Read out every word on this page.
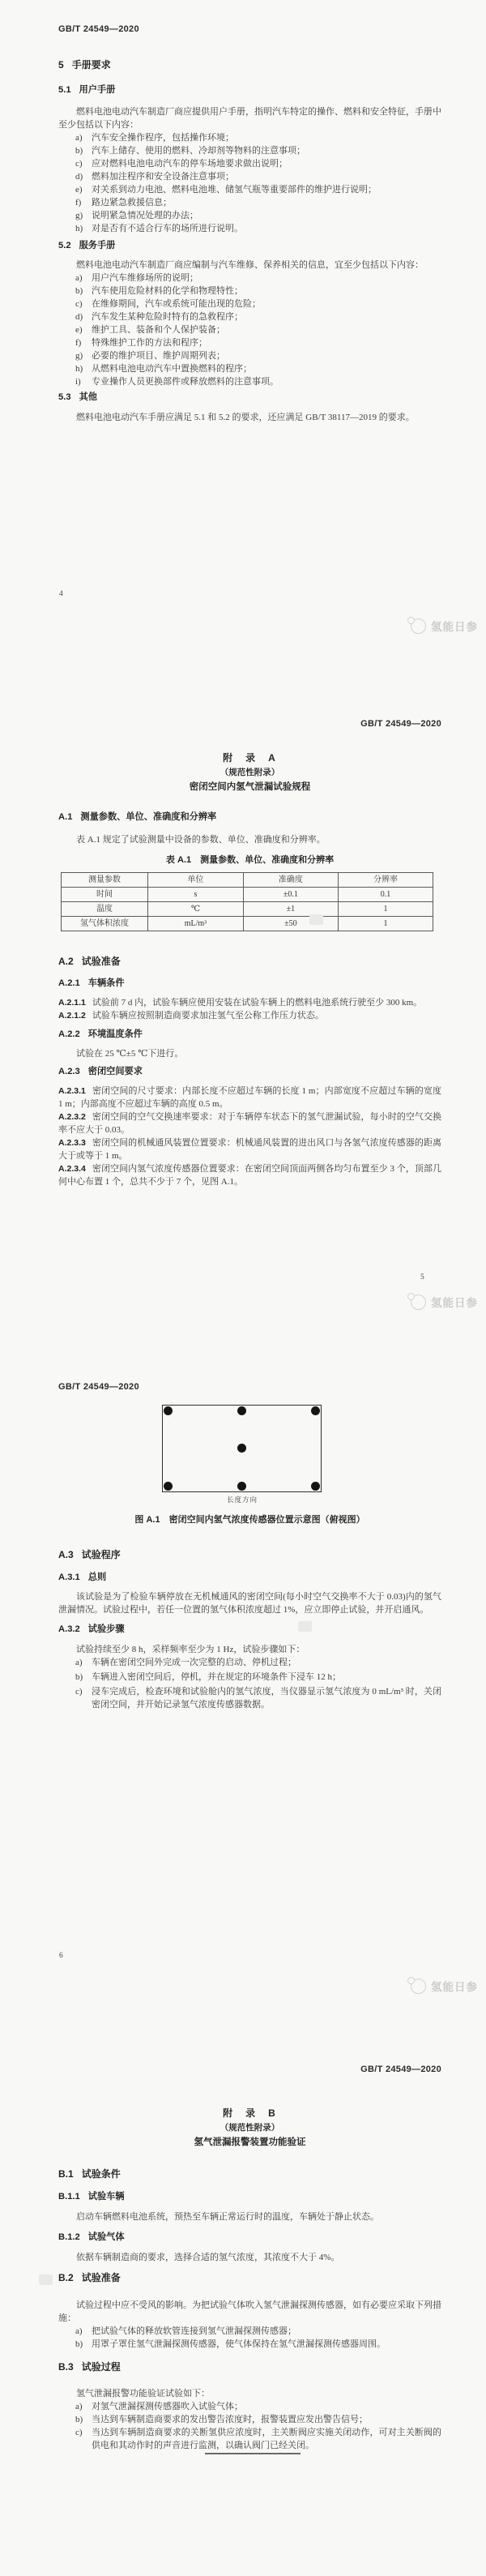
GB/T 24549—2020
5 手册要求
5.1 用户手册

燃料电池电动汽车制造厂商应提供用户手册，指明汽车特定的操作、燃料和安全特征，手册中至少包括以下内容：

a)	汽车安全操作程序，包括操作环境；
b) 汽车上储存、使用的燃料、冷却剂等物料的注意事项；
c)	应对燃料电池电动汽车的停车场地要求做出说明；
d) 燃料加注程序和安全设备注意事项；
e)	对关系到动力电池、燃料电池堆、储氢气瓶等重要部件的维护进行说明；
f)	路边紧急救援信息；
g) 说明紧急情况处理的办法；
h) 对是否有不适合行车的场所进行说明。
5.2 服务手册

燃料电池电动汽车制造厂商应编制与汽车维修、保养相关的信息，宜至少包括以下内容：

a)	用户汽车维修场所的说明；
b) 汽车使用危险材料的化学和物理特性；
c)	在维修期间，汽车或系统可能出现的危险；
d) 汽车发生某种危险时特有的急救程序；
e)	维护工具、装备和个人保护装备；
f)	特殊维护工作的方法和程序；
g) 必要的维护项目、维护周期列表；
h) 从燃料电池电动汽车中置换燃料的程序；
i)	专业操作人员更换部件或释放燃料的注意事项。
5.3 其他

燃料电池电动汽车手册应满足 5.1 和 5.2 的要求，还应满足 GB/T 38117—2019 的要求。

4
氢能日参
GB/T 24549—2020
附　录　A
（规范性附录）
密闭空间内氢气泄漏试验规程
A.1 测量参数、单位、准确度和分辨率

表 A.1 规定了试验测量中设备的参数、单位、准确度和分辨率。

表 A.1　测量参数、单位、准确度和分辨率
测量参数	单位	准确度	分辨率
时间	s	±0.1	0.1
温度	℃	±1	1
氢气体积浓度	mL/m³	±50	1
A.2 试验准备
A.2.1 车辆条件

A.2.1.1 试验前 7 d 内，试验车辆应使用安装在试验车辆上的燃料电池系统行驶至少 300 km。

A.2.1.2 试验车辆应按照制造商要求加注氢气至公称工作压力状态。

A.2.2 环境温度条件

试验在 25 ℃±5 ℃下进行。

A.2.3 密闭空间要求

A.2.3.1 密闭空间的尺寸要求：内部长度不应超过车辆的长度 1 m；内部宽度不应超过车辆的宽度 1 m；内部高度不应超过车辆的高度 0.5 m。

A.2.3.2 密闭空间的空气交换速率要求：对于车辆停车状态下的氢气泄漏试验，每小时的空气交换率不应大于 0.03。

A.2.3.3 密闭空间的机械通风装置位置要求：机械通风装置的进出风口与各氢气浓度传感器的距离大于或等于 1 m。

A.2.3.4 密闭空间内氢气浓度传感器位置要求：在密闭空间顶面两侧各均匀布置至少 3 个，顶部几何中心布置 1 个，总共不少于 7 个，见图 A.1。

5
氢能日参
GB/T 24549—2020
长度方向
图 A.1　密闭空间内氢气浓度传感器位置示意图（俯视图）
A.3 试验程序
A.3.1 总则

该试验是为了检验车辆停放在无机械通风的密闭空间(每小时空气交换率不大于 0.03)内的氢气泄漏情况。试验过程中，若任一位置的氢气体积浓度超过 1%，应立即停止试验，并开启通风。

A.3.2 试验步骤

试验持续至少 8 h，采样频率至少为 1 Hz，试验步骤如下：

a)	车辆在密闭空间外完成一次完整的启动、停机过程；
b) 车辆进入密闭空间后，停机，并在规定的环境条件下浸车 12 h；
c)	浸车完成后，检查环境和试验舱内的氢气浓度，当仪器显示氢气浓度为 0 mL/m³ 时，关闭密闭空间，并开始记录氢气浓度传感器数据。
6
氢能日参
GB/T 24549—2020
附　录　B
（规范性附录）
氢气泄漏报警装置功能验证
B.1 试验条件
B.1.1 试验车辆

启动车辆燃料电池系统，预热至车辆正常运行时的温度，车辆处于静止状态。

B.1.2 试验气体

依据车辆制造商的要求，选择合适的氢气浓度，其浓度不大于 4%。

B.2 试验准备

试验过程中应不受风的影响。为把试验气体吹入氢气泄漏探测传感器，如有必要应采取下列措施：

a)	把试验气体的释放软管连接到氢气泄漏探测传感器；
b) 用罩子罩住氢气泄漏探测传感器，使气体保持在氢气泄漏探测传感器周围。
B.3 试验过程

氢气泄漏报警功能验证试验如下：

a)	对氢气泄漏探测传感器吹入试验气体；
b) 当达到车辆制造商要求的发出警告浓度时，报警装置应发出警告信号；
c)	当达到车辆制造商要求的关断氢供应浓度时，主关断阀应实施关闭动作，可对主关断阀的供电和其动作时的声音进行监测，以确认阀门已经关闭。
